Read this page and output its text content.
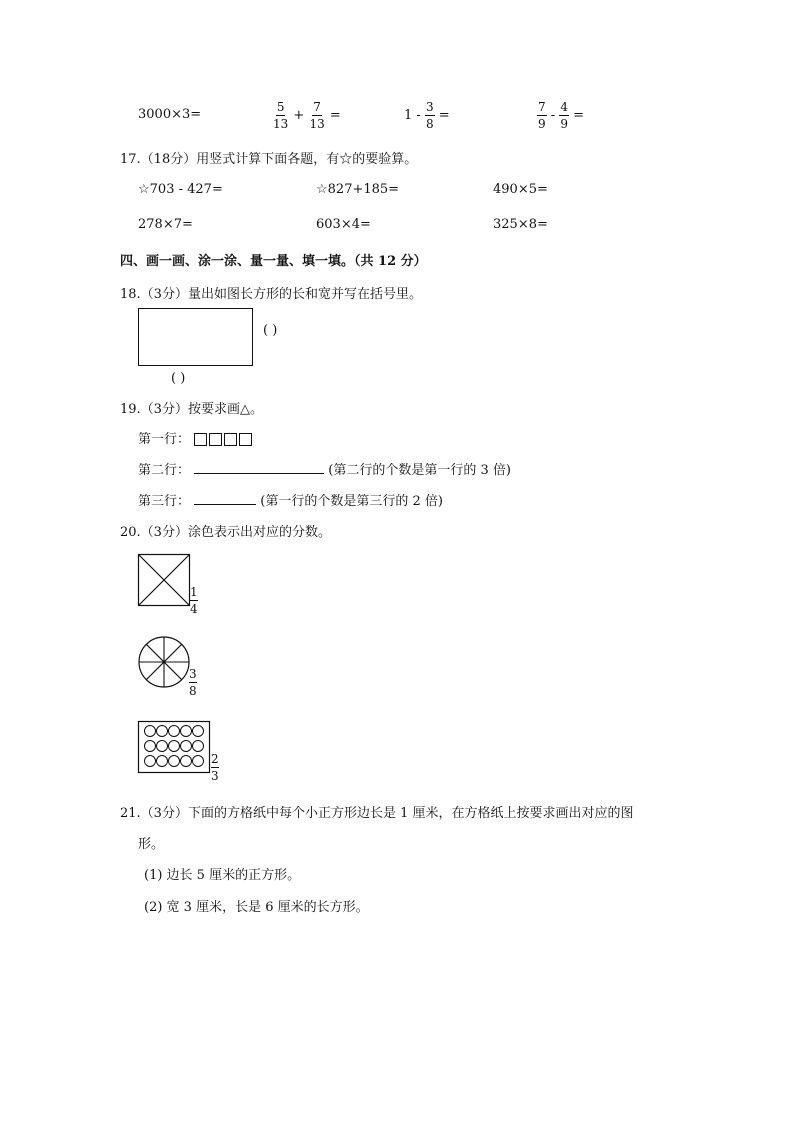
3000×3=	$\frac{5}{13} + \frac{7}{13}$ =	$1 - \frac{3}{8}$ =	$\frac{7}{9} - \frac{4}{9}$ =
17.（18分）用竖式计算下面各题，有☆的要验算。
☆703 - 427=	☆827+185=	490×5=
278×7=	603×4=	325×8=
四、画一画、涂一涂、量一量、填一填。（共 12 分）
18.（3分）量出如图长方形的长和宽并写在括号里。
( )
( )
19.（3分）按要求画△。
第一行：
第二行：	(第二行的个数是第一行的 3 倍)
第三行：	(第一行的个数是第三行的 2 倍)
20.（3分）涂色表示出对应的分数。
$\frac{1}{4}$
$\frac{3}{8}$
$\frac{2}{3}$
21.（3分）下面的方格纸中每个小正方形边长是 1 厘米，在方格纸上按要求画出对应的图
形。
(1) 边长 5 厘米的正方形。
(2) 宽 3 厘米，长是 6 厘米的长方形。
